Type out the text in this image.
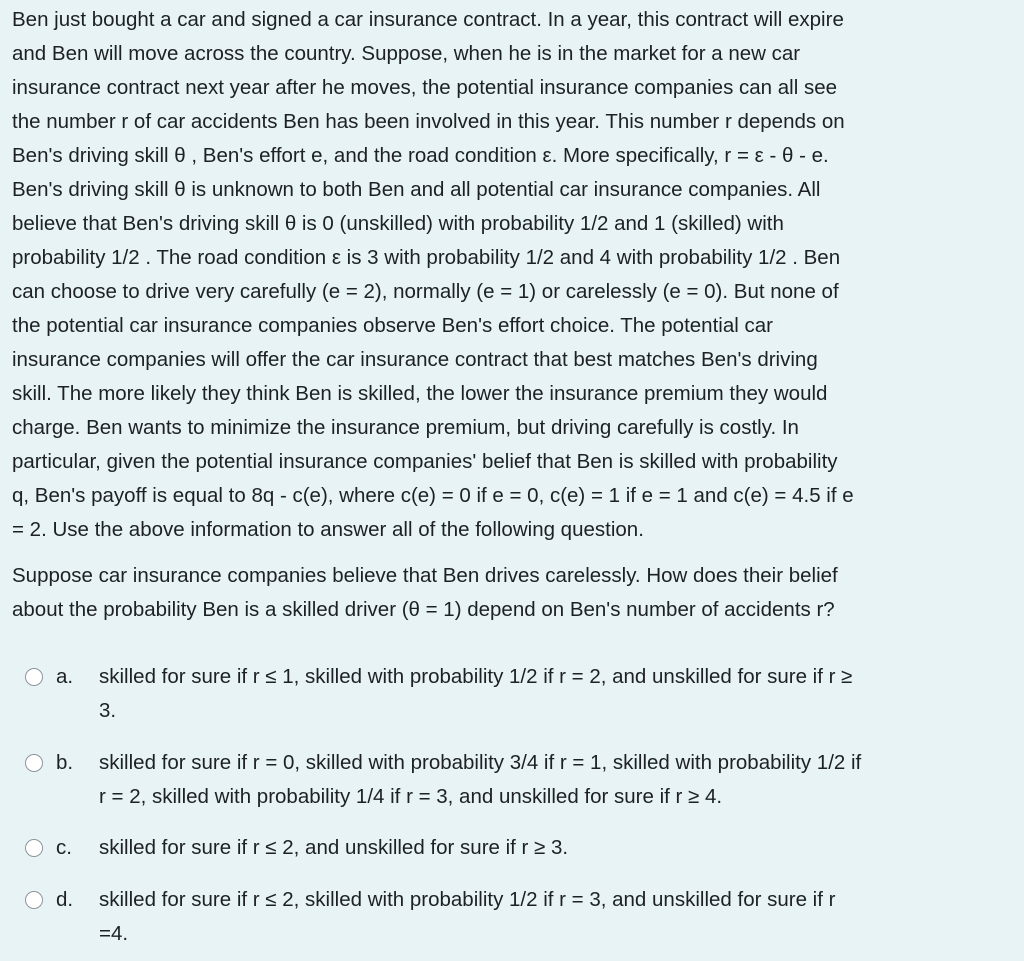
Ben just bought a car and signed a car insurance contract. In a year, this contract will expire
and Ben will move across the country. Suppose, when he is in the market for a new car
insurance contract next year after he moves, the potential insurance companies can all see
the number r of car accidents Ben has been involved in this year. This number r depends on
Ben's driving skill θ , Ben's effort e, and the road condition ε. More specifically, r = ε - θ - e.
Ben's driving skill θ is unknown to both Ben and all potential car insurance companies. All
believe that Ben's driving skill θ is 0 (unskilled) with probability 1/2 and 1 (skilled) with
probability 1/2 . The road condition ε is 3 with probability 1/2 and 4 with probability 1/2 . Ben
can choose to drive very carefully (e = 2), normally (e = 1) or carelessly (e = 0). But none of
the potential car insurance companies observe Ben's effort choice. The potential car
insurance companies will offer the car insurance contract that best matches Ben's driving
skill. The more likely they think Ben is skilled, the lower the insurance premium they would
charge. Ben wants to minimize the insurance premium, but driving carefully is costly. In
particular, given the potential insurance companies' belief that Ben is skilled with probability
q, Ben's payoff is equal to 8q - c(e), where c(e) = 0 if e = 0, c(e) = 1 if e = 1 and c(e) = 4.5 if e
= 2. Use the above information to answer all of the following question.

Suppose car insurance companies believe that Ben drives carelessly. How does their belief
about the probability Ben is a skilled driver (θ = 1) depend on Ben's number of accidents r?

a. skilled for sure if r ≤ 1, skilled with probability 1/2 if r = 2, and unskilled for sure if r ≥
3.
b. skilled for sure if r = 0, skilled with probability 3/4 if r = 1, skilled with probability 1/2 if
r = 2, skilled with probability 1/4 if r = 3, and unskilled for sure if r ≥ 4.
c. skilled for sure if r ≤ 2, and unskilled for sure if r ≥ 3.
d. skilled for sure if r ≤ 2, skilled with probability 1/2 if r = 3, and unskilled for sure if r
=4.
